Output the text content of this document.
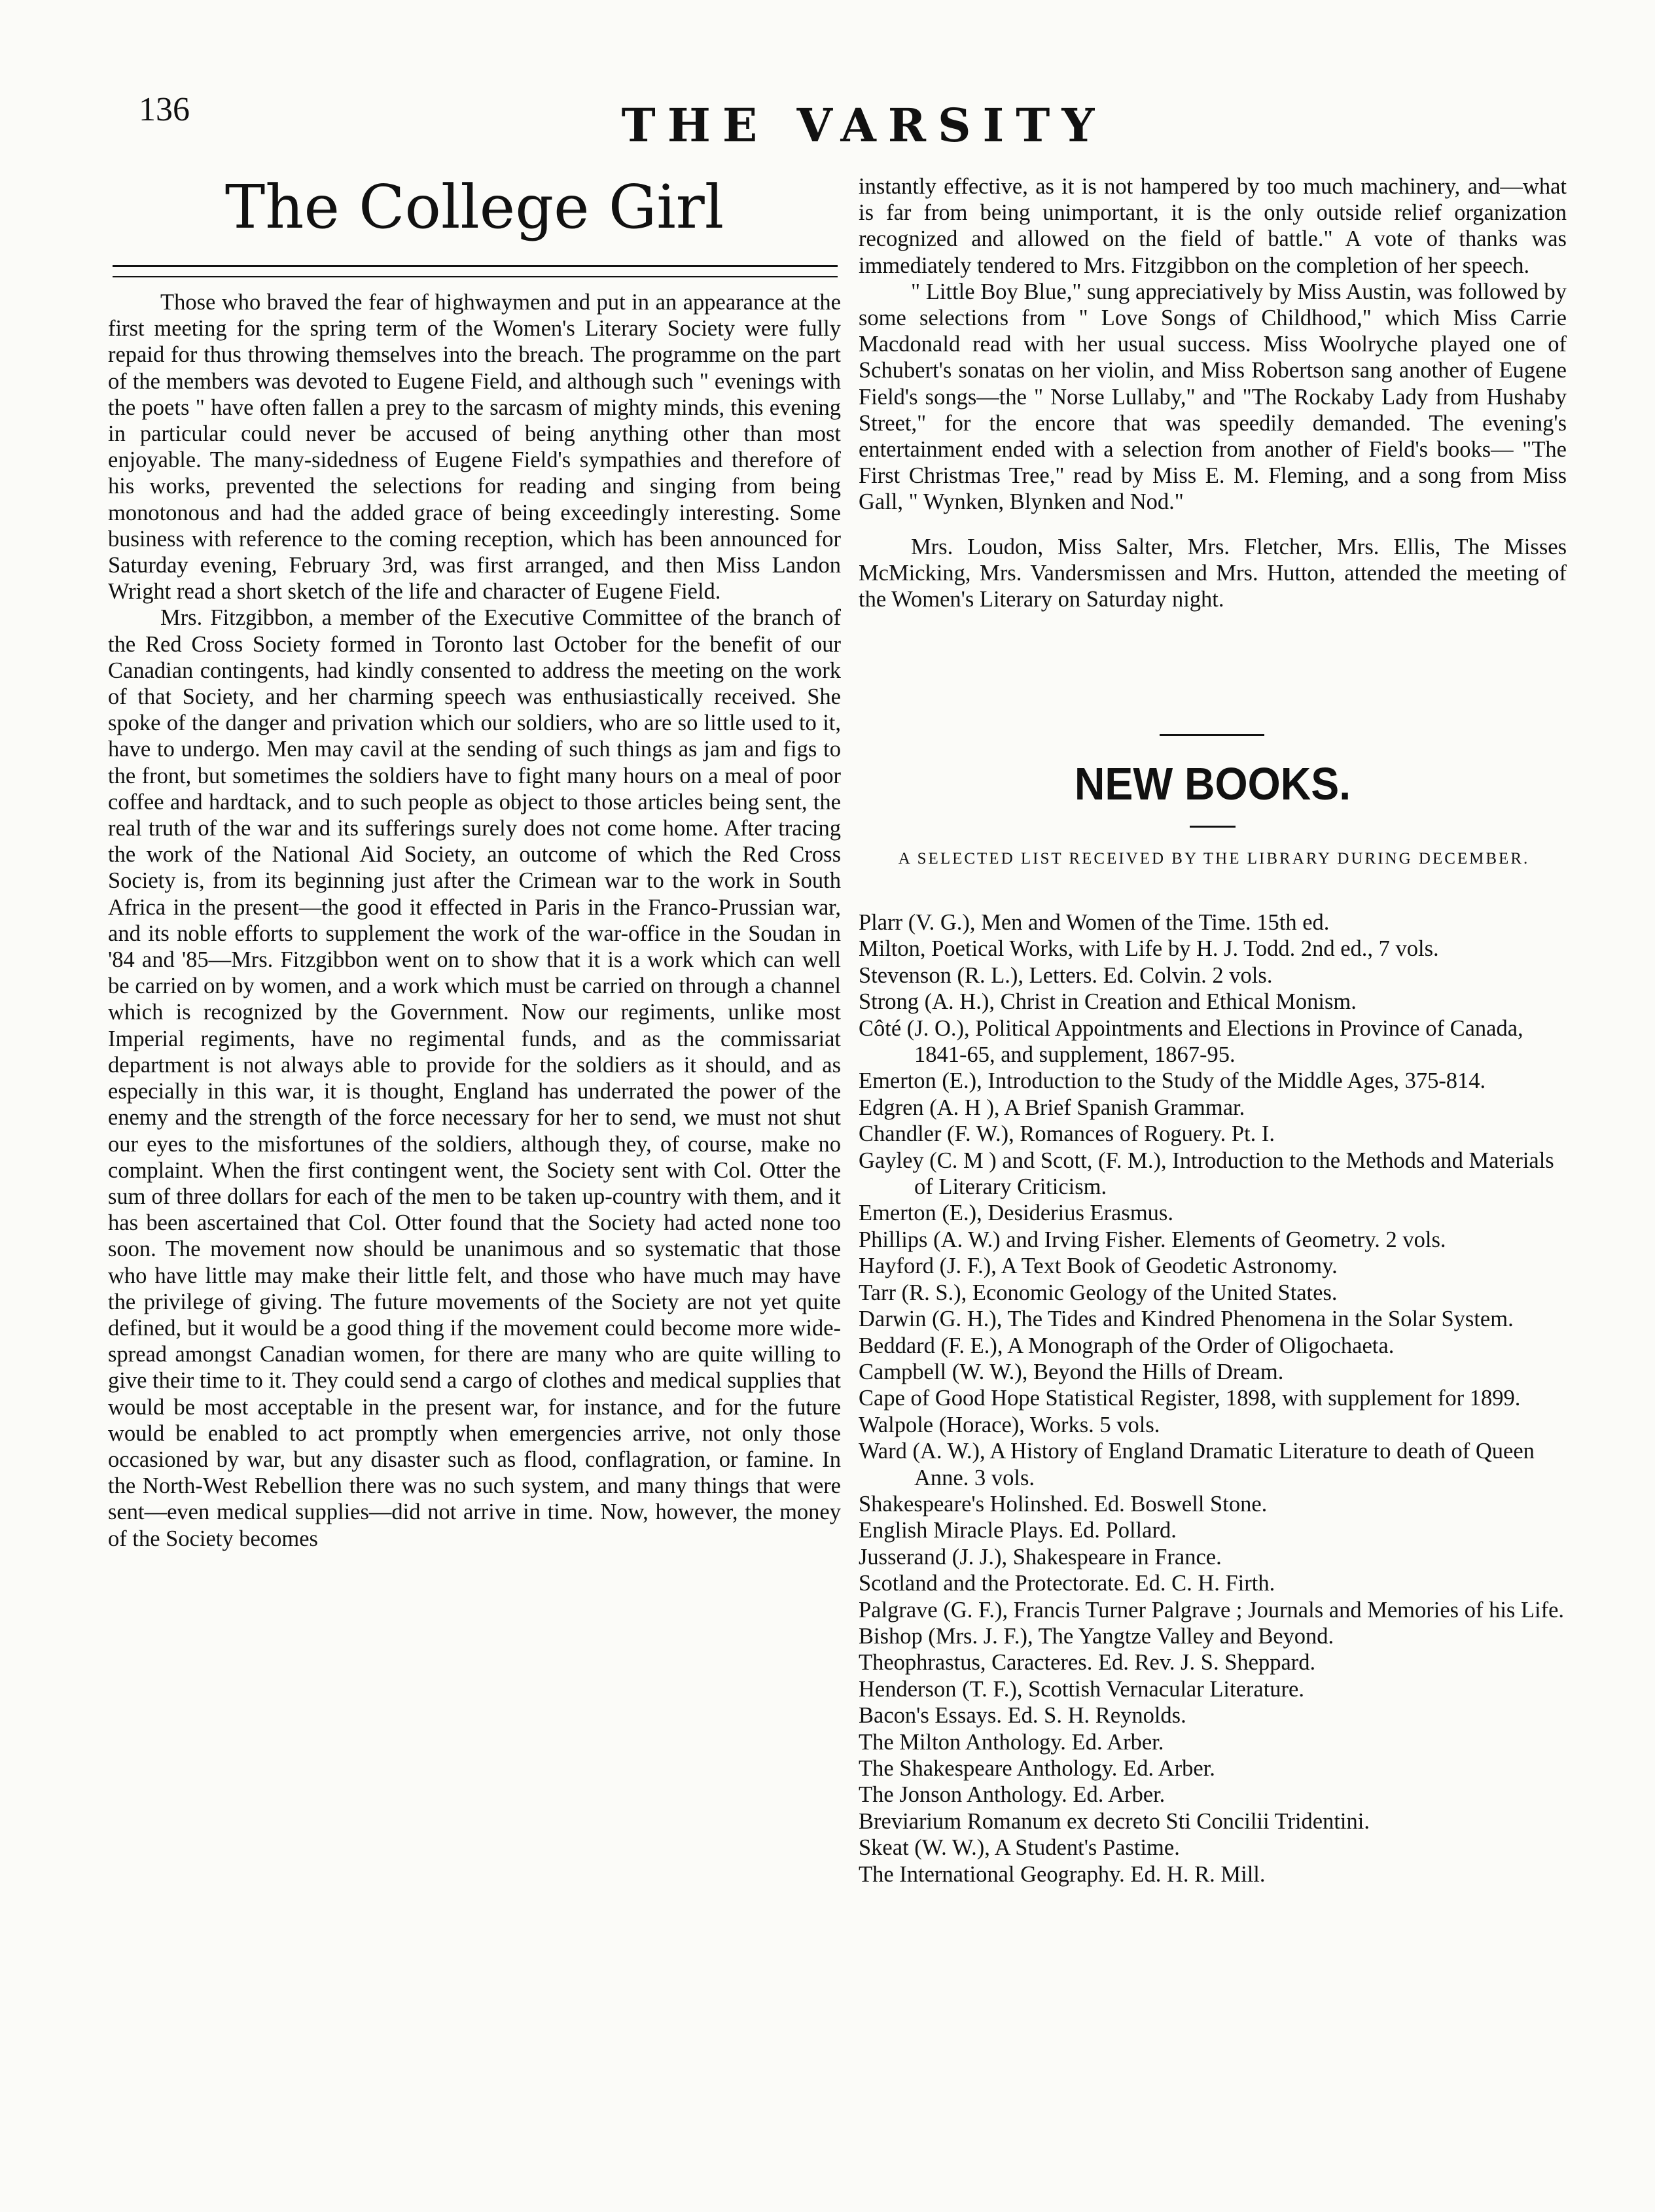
136	THE VARSITY
The College Girl

Those who braved the fear of highwaymen and put in an appearance at the first meeting for the spring term of the Women's Literary Society were fully repaid for thus throwing themselves into the breach. The programme on the part of the members was devoted to Eugene Field, and although such " evenings with the poets " have often fallen a prey to the sarcasm of mighty minds, this evening in particular could never be accused of being anything other than most enjoyable. The many-sidedness of Eugene Field's sympathies and therefore of his works, prevented the selections for reading and singing from being monotonous and had the added grace of being exceedingly interesting. Some business with reference to the coming reception, which has been announced for Saturday evening, February 3rd, was first arranged, and then Miss Landon Wright read a short sketch of the life and character of Eugene Field.

Mrs. Fitzgibbon, a member of the Executive Committee of the branch of the Red Cross Society formed in Toronto last October for the benefit of our Canadian contingents, had kindly consented to address the meeting on the work of that Society, and her charming speech was enthusiastically received. She spoke of the danger and privation which our soldiers, who are so little used to it, have to undergo. Men may cavil at the sending of such things as jam and figs to the front, but sometimes the soldiers have to fight many hours on a meal of poor coffee and hardtack, and to such people as object to those articles being sent, the real truth of the war and its sufferings surely does not come home. After tracing the work of the National Aid Society, an outcome of which the Red Cross Society is, from its beginning just after the Crimean war to the work in South Africa in the present—the good it effected in Paris in the Franco-Prussian war, and its noble efforts to supplement the work of the war-office in the Soudan in '84 and '85—Mrs. Fitzgibbon went on to show that it is a work which can well be carried on by women, and a work which must be carried on through a channel which is recognized by the Government. Now our regiments, unlike most Imperial regiments, have no regimental funds, and as the commissariat department is not always able to provide for the soldiers as it should, and as especially in this war, it is thought, England has underrated the power of the enemy and the strength of the force necessary for her to send, we must not shut our eyes to the misfortunes of the soldiers, although they, of course, make no complaint. When the first contingent went, the Society sent with Col. Otter the sum of three dollars for each of the men to be taken up-country with them, and it has been ascertained that Col. Otter found that the Society had acted none too soon. The movement now should be unanimous and so systematic that those who have little may make their little felt, and those who have much may have the privilege of giving. The future movements of the Society are not yet quite defined, but it would be a good thing if the movement could become more wide-spread amongst Canadian women, for there are many who are quite willing to give their time to it. They could send a cargo of clothes and medical supplies that would be most acceptable in the present war, for instance, and for the future would be enabled to act promptly when emergencies arrive, not only those occasioned by war, but any disaster such as flood, conflagration, or famine. In the North-West Rebellion there was no such system, and many things that were sent—even medical supplies—did not arrive in time. Now, however, the money of the Society becomes

instantly effective, as it is not hampered by too much machinery, and—what is far from being unimportant, it is the only outside relief organization recognized and allowed on the field of battle." A vote of thanks was immediately tendered to Mrs. Fitzgibbon on the completion of her speech.

" Little Boy Blue," sung appreciatively by Miss Austin, was followed by some selections from " Love Songs of Childhood," which Miss Carrie Macdonald read with her usual success. Miss Woolryche played one of Schubert's sonatas on her violin, and Miss Robertson sang another of Eugene Field's songs—the " Norse Lullaby," and "The Rockaby Lady from Hushaby Street," for the encore that was speedily demanded. The evening's entertainment ended with a selection from another of Field's books— "The First Christmas Tree," read by Miss E. M. Fleming, and a song from Miss Gall, " Wynken, Blynken and Nod."

Mrs. Loudon, Miss Salter, Mrs. Fletcher, Mrs. Ellis, The Misses McMicking, Mrs. Vandersmissen and Mrs. Hutton, attended the meeting of the Women's Literary on Saturday night.

NEW BOOKS.
A SELECTED LIST RECEIVED BY THE LIBRARY DURING DECEMBER.
Plarr (V. G.), Men and Women of the Time. 15th ed.
Milton, Poetical Works, with Life by H. J. Todd. 2nd ed., 7 vols.
Stevenson (R. L.), Letters. Ed. Colvin. 2 vols.
Strong (A. H.), Christ in Creation and Ethical Monism.
Côté (J. O.), Political Appointments and Elections in Province of Canada, 1841-65, and supplement, 1867-95.
Emerton (E.), Introduction to the Study of the Middle Ages, 375-814.
Edgren (A. H ), A Brief Spanish Grammar.
Chandler (F. W.), Romances of Roguery. Pt. I.
Gayley (C. M ) and Scott, (F. M.), Introduction to the Methods and Materials of Literary Criticism.
Emerton (E.), Desiderius Erasmus.
Phillips (A. W.) and Irving Fisher. Elements of Geometry. 2 vols.
Hayford (J. F.), A Text Book of Geodetic Astronomy.
Tarr (R. S.), Economic Geology of the United States.
Darwin (G. H.), The Tides and Kindred Phenomena in the Solar System.
Beddard (F. E.), A Monograph of the Order of Oligochaeta.
Campbell (W. W.), Beyond the Hills of Dream.
Cape of Good Hope Statistical Register, 1898, with supplement for 1899.
Walpole (Horace), Works. 5 vols.
Ward (A. W.), A History of England Dramatic Literature to death of Queen Anne. 3 vols.
Shakespeare's Holinshed. Ed. Boswell Stone.
English Miracle Plays. Ed. Pollard.
Jusserand (J. J.), Shakespeare in France.
Scotland and the Protectorate. Ed. C. H. Firth.
Palgrave (G. F.), Francis Turner Palgrave ; Journals and Memories of his Life.
Bishop (Mrs. J. F.), The Yangtze Valley and Beyond.
Theophrastus, Caracteres. Ed. Rev. J. S. Sheppard.
Henderson (T. F.), Scottish Vernacular Literature.
Bacon's Essays. Ed. S. H. Reynolds.
The Milton Anthology. Ed. Arber.
The Shakespeare Anthology. Ed. Arber.
The Jonson Anthology. Ed. Arber.
Breviarium Romanum ex decreto Sti Concilii Tridentini.
Skeat (W. W.), A Student's Pastime.
The International Geography. Ed. H. R. Mill.
